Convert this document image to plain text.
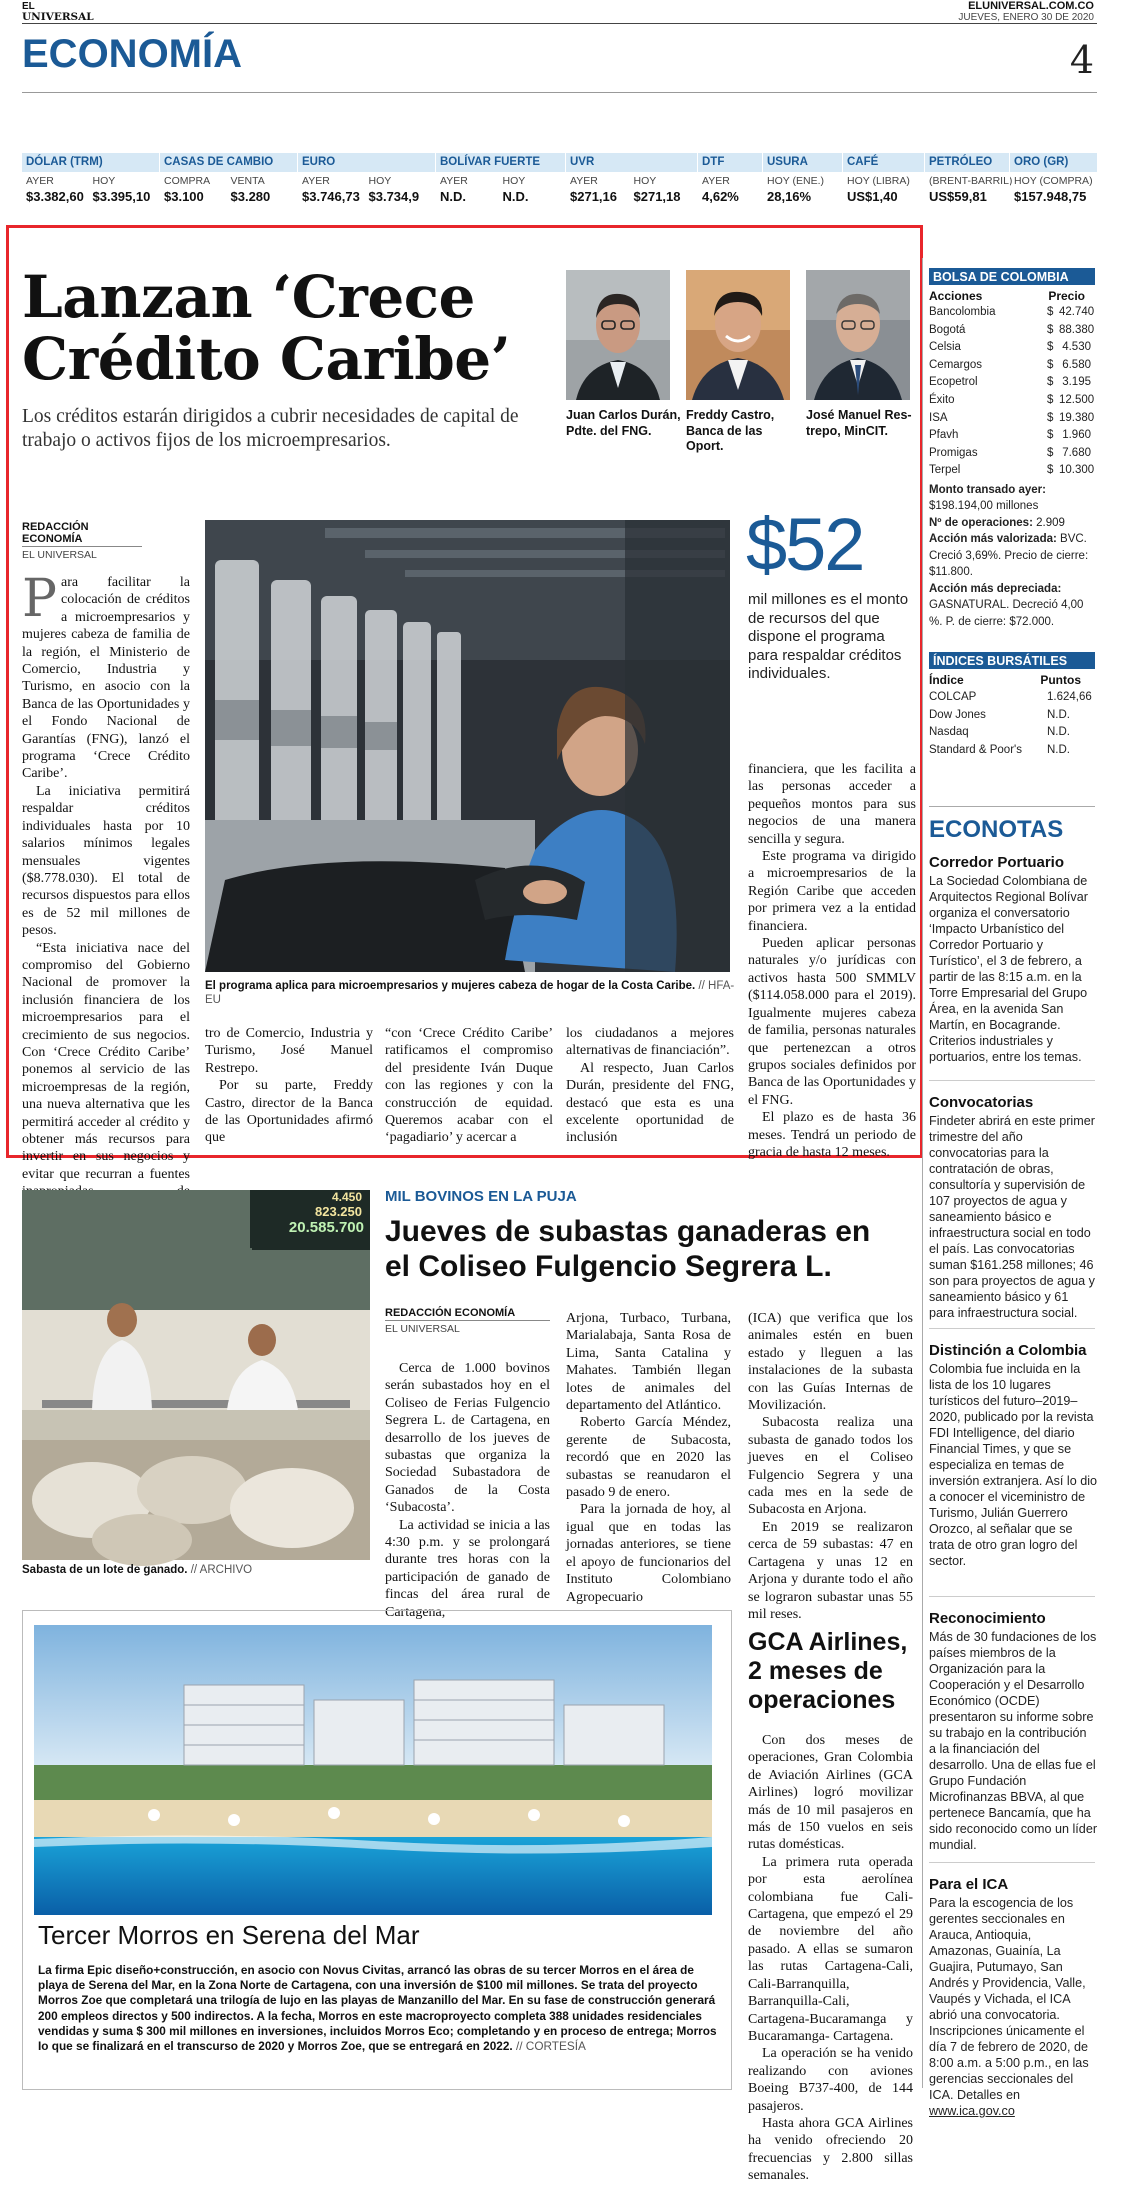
EL
UNIVERSAL
ELUNIVERSAL.COM.CO
JUEVES, ENERO 30 DE 2020
ECONOMÍA	4
DÓLAR (TRM)
AYER	HOY
$3.382,60 $3.395,10
CASAS DE CAMBIO
COMPRA	VENTA
$3.100	$3.280
EURO
AYER	HOY
$3.746,73 $3.734,9
BOLÍVAR FUERTE
AYER	HOY
N.D.	N.D.
UVR
AYER	HOY
$271,16	$271,18
DTF
AYER
4,62%
USURA
HOY (ENE.)
28,16%
CAFÉ
HOY (LIBRA)
US$1,40
PETRÓLEO
(BRENT-BARRIL)
US$59,81
ORO (GR)
HOY (COMPRA)
$157.948,75
Lanzan ‘Crece
Crédito Caribe’
Los créditos estarán dirigidos a cubrir necesidades de capital de trabajo o activos fijos de los microempresarios.
Juan Carlos Durán,
Pdte. del FNG.
Freddy Castro,
Banca de las Oport.
José Manuel Res-
trepo, MinCIT.
REDACCIÓN ECONOMÍA
EL UNIVERSAL
El programa aplica para microempresarios y mujeres cabeza de hogar de la Costa Caribe. // HFA-EU
$52
mil millones es el monto de recursos del que dispone el programa para respaldar créditos individuales.

Para facilitar la colocación de créditos a microempresarios y mujeres cabeza de familia de la región, el Ministerio de Comercio, Industria y Turismo, en asocio con la Banca de las Oportunidades y el Fondo Nacional de Garantías (FNG), lanzó el programa ‘Crece Crédito Caribe’.

La iniciativa permitirá respaldar créditos individuales hasta por 10 salarios mínimos legales mensuales vigentes ($8.778.030). El total de recursos dispuestos para ellos es de 52 mil millones de pesos.

“Esta iniciativa nace del compromiso del Gobierno Nacional de promover la inclusión financiera de los microempresarios para el crecimiento de sus negocios. Con ‘Crece Crédito Caribe’ ponemos al servicio de las microempresas de la región, una nueva alternativa que les permitirá acceder al crédito y obtener más recursos para invertir en sus negocios y evitar que recurran a fuentes

tro de Comercio, Industria y Turismo, José Manuel Restrepo.

Por su parte, Freddy Castro, director de la Banca de las Oportunidades afirmó que

“con ‘Crece Crédito Caribe’ ratificamos el compromiso del presidente Iván Duque con las regiones y con la construcción de equidad. Queremos acabar con el ‘pagadiario’ y acercar a

los ciudadanos a mejores alternativas de financiación”.

Al respecto, Juan Carlos Durán, presidente del FNG, destacó que esta es una excelente oportunidad de inclusión

financiera, que les facilita a las personas acceder a pequeños montos para sus negocios de una manera sencilla y segura.

Este programa va dirigido a microempresarios de la Región Caribe que acceden por primera vez a la entidad financiera.

Pueden aplicar personas naturales y/o jurídicas con activos hasta 500 SMMLV ($114.058.000 para el 2019). Igualmente mujeres cabeza de familia, personas naturales que pertenezcan a otros grupos sociales definidos por Banca de las Oportunidades y el FNG.

El plazo es de hasta 36 meses. Tendrá un periodo de gracia de hasta 12 meses.

BOLSA DE COLOMBIA
Acciones	Precio
Bancolombia	$ 42.740
Bogotá	$ 88.380
Celsia	$ 4.530
Cemargos	$ 6.580
Ecopetrol	$ 3.195
Éxito	$ 12.500
ISA	$ 19.380
Pfavh	$ 1.960
Promigas	$ 7.680
Terpel	$ 10.300
Monto transado ayer:
$198.194,00 millones
Nº de operaciones: 2.909
Acción más valorizada: BVC. Creció 3,69%. Precio de cierre: $11.800.
Acción más depreciada: GASNATURAL. Decreció 4,00 %. P. de cierre: $72.000.
ÍNDICES BURSÁTILES
Índice	Puntos
COLCAP	1.624,66
Dow Jones	N.D.
Nasdaq	N.D.
Standard & Poor's	N.D.
ECONOTAS
Corredor Portuario
La Sociedad Colombiana de Arquitectos Regional Bolívar organiza el conversatorio ‘Impacto Urbanístico del Corredor Portuario y Turístico’, el 3 de febrero, a partir de las 8:15 a.m. en la Torre Empresarial del Grupo Área, en la avenida San Martín, en Bocagrande. Criterios industriales y portuarios, entre los temas.
Convocatorias
Findeter abrirá en este primer trimestre del año convocatorias para la contratación de obras, consultoría y supervisión de 107 proyectos de agua y saneamiento básico e infraestructura social en todo el país. Las convocatorias suman $161.258 millones; 46 son para proyectos de agua y saneamiento básico y 61 para infraestructura social.
Distinción a Colombia
Colombia fue incluida en la lista de los 10 lugares turísticos del futuro–2019–2020, publicado por la revista FDI Intelligence, del diario Financial Times, y que se especializa en temas de inversión extranjera. Así lo dio a conocer el viceministro de Turismo, Julián Guerrero Orozco, al señalar que se trata de otro gran logro del sector.
Reconocimiento
Más de 30 fundaciones de los países miembros de la Organización para la Cooperación y el Desarrollo Económico (OCDE) presentaron su informe sobre su trabajo en la contribución a la financiación del desarrollo. Una de ellas fue el Grupo Fundación Microfinanzas BBVA, al que pertenece Bancamía, que ha sido reconocido como un líder mundial.
Para el ICA
Para la escogencia de los gerentes seccionales en Arauca, Antioquia, Amazonas, Guainía, La Guajira, Putumayo, San Andrés y Providencia, Valle, Vaupés y Vichada, el ICA abrió una convocatoria. Inscripciones únicamente el día 7 de febrero de 2020, de 8:00 a.m. a 5:00 p.m., en las gerencias seccionales del ICA. Detalles en www.ica.gov.co
4.450
823.250
20.585.700
Sabasta de un lote de ganado. // ARCHIVO
MIL BOVINOS EN LA PUJA
Jueves de subastas ganaderas en
el Coliseo Fulgencio Segrera L.
REDACCIÓN ECONOMÍA
EL UNIVERSAL

Cerca de 1.000 bovinos serán subastados hoy en el Coliseo de Ferias Fulgencio Segrera L. de Cartagena, en desarrollo de los jueves de subastas que organiza la Sociedad Subastadora de Ganados de la Costa ‘Subacosta’.

La actividad se inicia a las 4:30 p.m. y se prolongará durante tres horas con la participación de ganado de fincas del área rural de Cartagena,

Arjona, Turbaco, Turbana, Marialabaja, Santa Rosa de Lima, Santa Catalina y Mahates. También llegan lotes de animales del departamento del Atlántico.

Roberto García Méndez, gerente de Subacosta, recordó que en 2020 las subastas se reanudaron el pasado 9 de enero.

Para la jornada de hoy, al igual que en todas las jornadas anteriores, se tiene el apoyo de funcionarios del Instituto Colombiano Agropecuario

(ICA) que verifica que los animales estén en buen estado y lleguen a las instalaciones de la subasta con las Guías Internas de Movilización.

Subacosta realiza una subasta de ganado todos los jueves en el Coliseo Fulgencio Segrera y una cada mes en la sede de Subacosta en Arjona.

En 2019 se realizaron cerca de 59 subastas: 47 en Cartagena y unas 12 en Arjona y durante todo el año se lograron subastar unas 55 mil reses.

Tercer Morros en Serena del Mar
La firma Epic diseño+construcción, en asocio con Novus Civitas, arrancó las obras de su tercer Morros en el área de playa de Serena del Mar, en la Zona Norte de Cartagena, con una inversión de $100 mil millones. Se trata del proyecto Morros Zoe que completará una trilogía de lujo en las playas de Manzanillo del Mar. En su fase de construcción generará 200 empleos directos y 500 indirectos. A la fecha, Morros en este macroproyecto completa 388 unidades residenciales vendidas y suma $ 300 mil millones en inversiones, incluidos Morros Eco; completando y en proceso de entrega; Morros Io que se finalizará en el transcurso de 2020 y Morros Zoe, que se entregará en 2022. // CORTESÍA
GCA Airlines,
2 meses de
operaciones

Con dos meses de operaciones, Gran Colombia de Aviación Airlines (GCA Airlines) logró movilizar más de 10 mil pasajeros en más de 150 vuelos en seis rutas domésticas.

La primera ruta operada por esta aerolínea colombiana fue Cali-Cartagena, que empezó el 29 de noviembre del año pasado. A ellas se sumaron las rutas Cartagena-Cali, Cali-Barranquilla, Barranquilla-Cali, Cartagena-Bucaramanga y Bucaramanga- Cartagena.

La operación se ha venido realizando con aviones Boeing B737-400, de 144 pasajeros.

Hasta ahora GCA Airlines ha venido ofreciendo 20 frecuencias y 2.800 sillas semanales.
